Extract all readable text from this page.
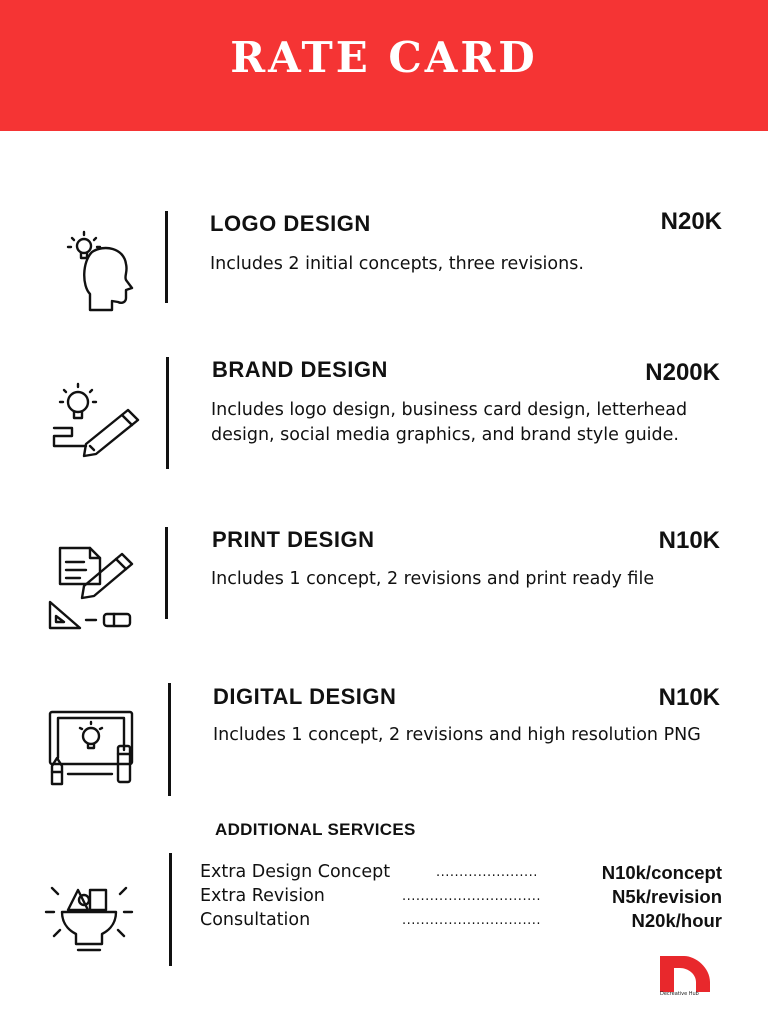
RATE CARD
LOGO DESIGN	N20K
Includes 2 initial concepts, three revisions.
BRAND DESIGN	N200K
Includes logo design, business card design, letterhead design, social media graphics, and brand style guide.
PRINT DESIGN	N10K
Includes 1 concept, 2 revisions and print ready file
DIGITAL DESIGN	N10K
Includes 1 concept, 2 revisions and high resolution PNG
ADDITIONAL SERVICES
Extra Design Concept	......................	N10k/concept
Extra Revision	..............................	N5k/revision
Consultation	..............................	N20k/hour
Decreative Hub
